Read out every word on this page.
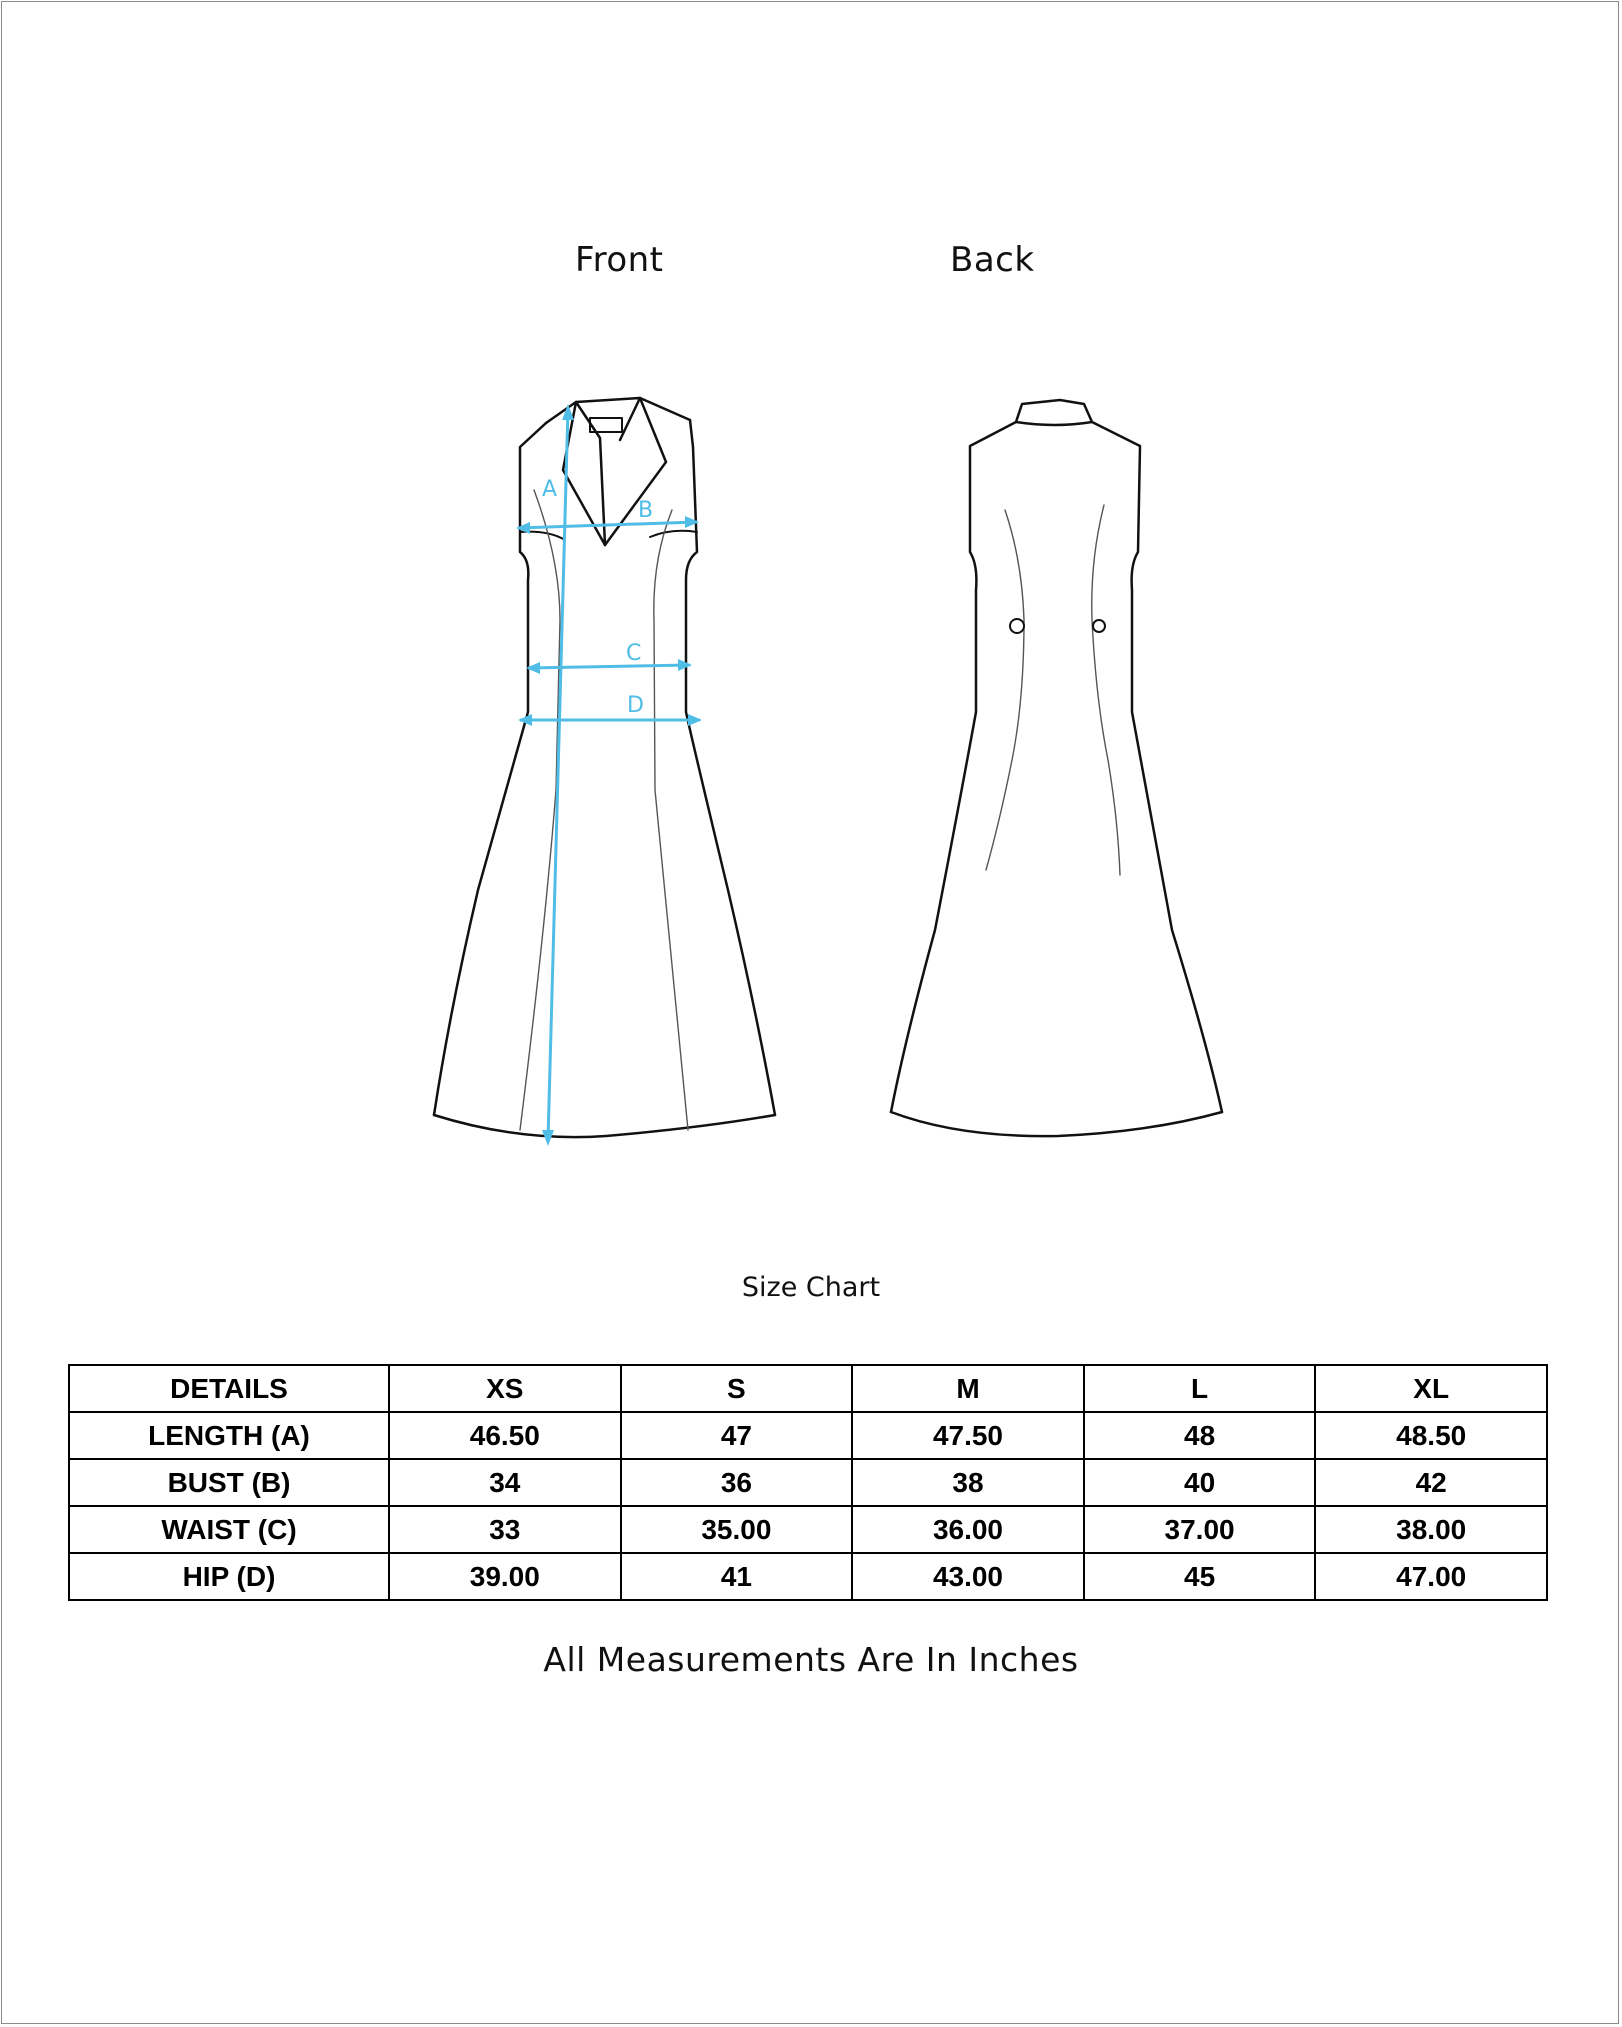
Front	Back
A
B
C
D
Size Chart
DETAILS	XS	S	M	L	XL
LENGTH (A)	46.50	47	47.50	48	48.50
BUST (B)	34	36	38	40	42
WAIST (C)	33	35.00	36.00	37.00	38.00
HIP (D)	39.00	41	43.00	45	47.00
All Measurements Are In Inches
